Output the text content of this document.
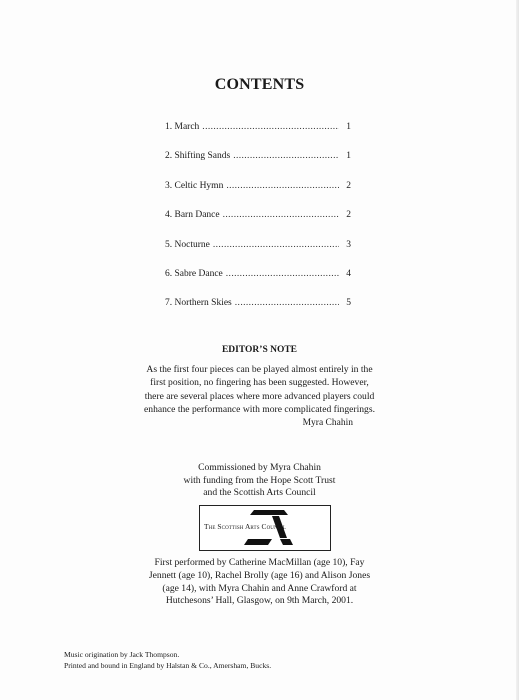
CONTENTS
1. March .....	1
2. Shifting Sands .....	1
3. Celtic Hymn .....	2
4. Barn Dance .....	2
5. Nocturne .....	3
6. Sabre Dance .....	4
7. Northern Skies .....	5
EDITOR’S NOTE
As the first four pieces can be played almost entirely in the
first position, no fingering has been suggested. However,
there are several places where more advanced players could
enhance the performance with more complicated fingerings.
Myra Chahin
Commissioned by Myra Chahin
with funding from the Hope Scott Trust
and the Scottish Arts Council
The Scottish Arts Council
First performed by Catherine MacMillan (age 10), Fay
Jennett (age 10), Rachel Brolly (age 16) and Alison Jones
(age 14), with Myra Chahin and Anne Crawford at
Hutchesons’ Hall, Glasgow, on 9th March, 2001.
Music origination by Jack Thompson.
Printed and bound in England by Halstan & Co., Amersham, Bucks.
